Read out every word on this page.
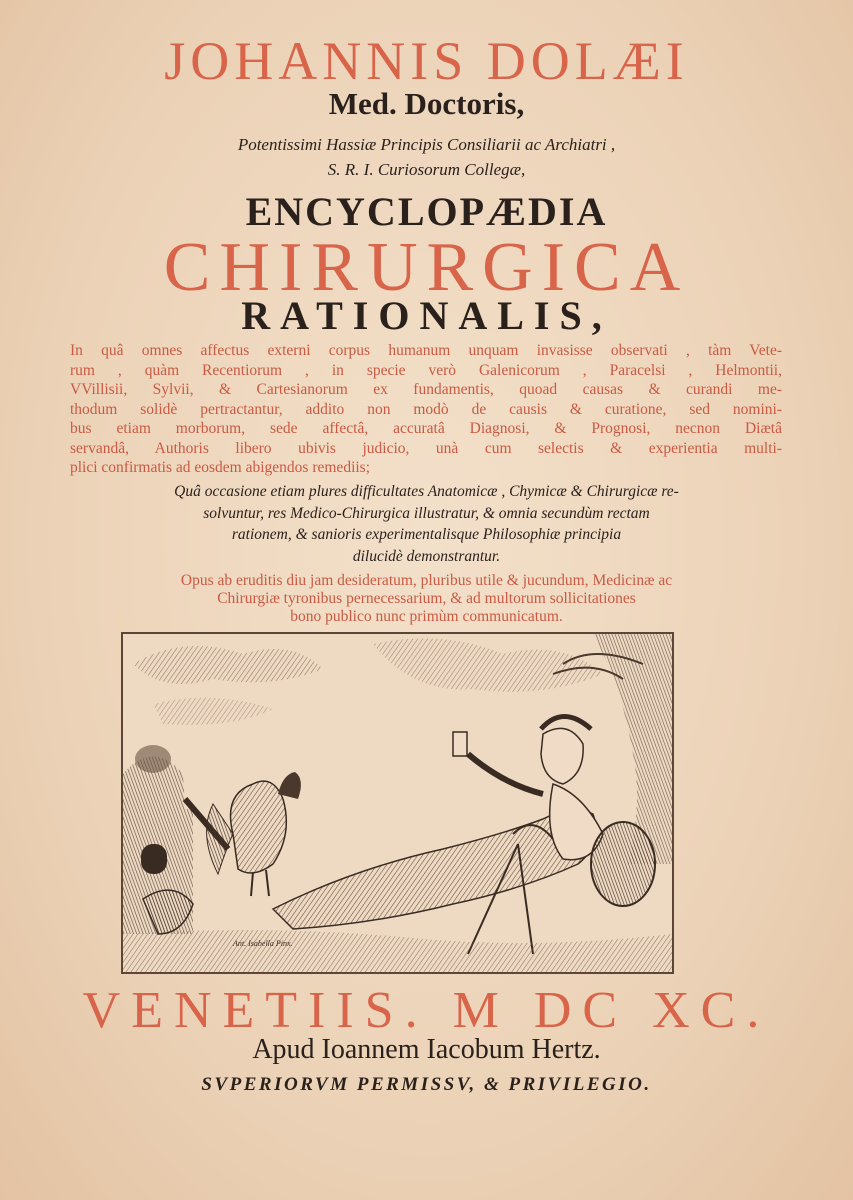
JOHANNIS DOLÆI
Med. Doctoris,
Potentissimi Hassiæ Principis Consiliarii ac Archiatri ,
S. R. I. Curiosorum Collegæ,
ENCYCLOPÆDIA
CHIRURGICA
RATIONALIS,
In quâ omnes affectus externi corpus humanum unquam invasisse observati , tàm Vete-
rum , quàm Recentiorum , in specie verò Galenicorum , Paracelsi , Helmontii,
VVillisii, Sylvii, & Cartesianorum ex fundamentis, quoad causas & curandi me-
thodum solidè pertractantur, addito non modò de causis & curatione, sed nomini-
bus etiam morborum, sede affectâ, accuratâ Diagnosi, & Prognosi, necnon Diætâ
servandâ, Authoris libero ubivis judicio, unà cum selectis & experientia multi-
plici confirmatis ad eosdem abigendos remediis;
Quâ occasione etiam plures difficultates Anatomicæ , Chymicæ & Chirurgicæ re-
solvuntur, res Medico-Chirurgica illustratur, & omnia secundùm rectam
rationem, & sanioris experimentalisque Philosophiæ principia
dilucidè demonstrantur.
Opus ab eruditis diu jam desideratum, pluribus utile & jucundum, Medicinæ ac
Chirurgiæ tyronibus pernecessarium, & ad multorum sollicitationes
bono publico nunc primùm communicatum.
Ant. Isabella Pinx.
VENETIIS. M DC XC.
Apud Ioannem Iacobum Hertz.
SVPERIORVM PERMISSV, & PRIVILEGIO.
